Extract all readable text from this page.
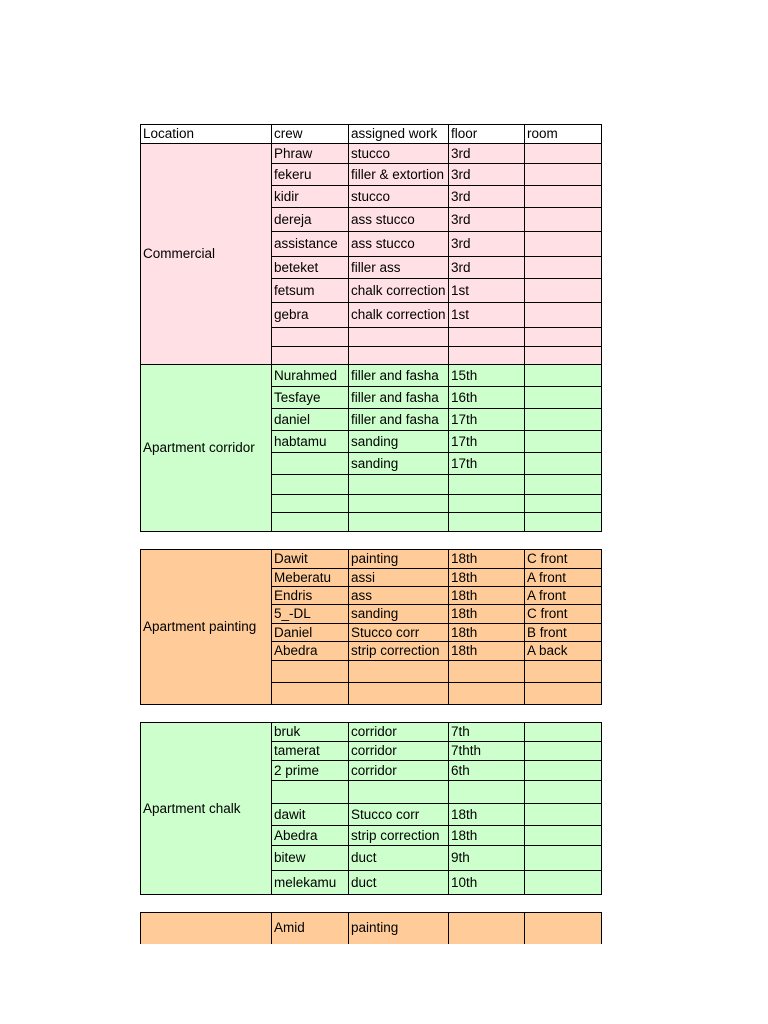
Location	crew	assigned work	floor	room
Commercial	Phraw	stucco	3rd	
	fekeru	filler & extortion	3rd	
	kidir	stucco	3rd	
	dereja	ass stucco	3rd	
	assistance	ass stucco	3rd	
	beteket	filler ass	3rd	
	fetsum	chalk correction	1st	
	gebra	chalk correction	1st	

Apartment corridor	Nurahmed	filler and fasha	15th	
	Tesfaye	filler and fasha	16th	
	daniel	filler and fasha	17th	
	habtamu	sanding	17th	
		sanding	17th	

Apartment painting	Dawit	painting	18th	C front
	Meberatu	assi	18th	A front
	Endris	ass	18th	A front
	5_-DL	sanding	18th	C front
	Daniel	Stucco corr	18th	B front
	Abedra	strip correction	18th	A back

Apartment chalk	bruk	corridor	7th	
	tamerat	corridor	7thth	
	2 prime	corridor	6th	

	dawit	Stucco corr	18th	
	Abedra	strip correction	18th	
	bitew	duct	9th	
	melekamu	duct	10th	
	Amid	painting		
